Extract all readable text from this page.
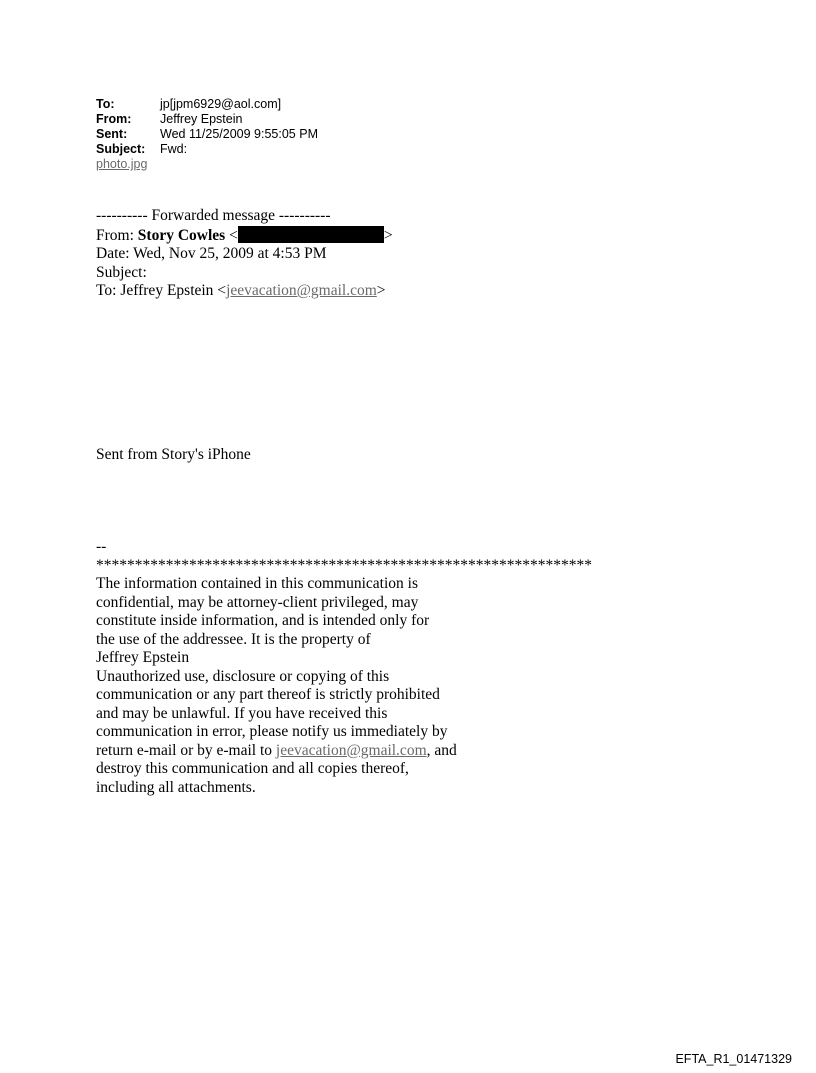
To:	jp[jpm6929@aol.com]
From:	Jeffrey Epstein
Sent:	Wed 11/25/2009 9:55:05 PM
Subject:	Fwd:
photo.jpg
---------- Forwarded message ----------
From: Story Cowles <	>
Date: Wed, Nov 25, 2009 at 4:53 PM
Subject:
To: Jeffrey Epstein <jeevacation@gmail.com>
Sent from Story's iPhone
--
****************************************************************
The information contained in this communication is
confidential, may be attorney-client privileged, may
constitute inside information, and is intended only for
the use of the addressee. It is the property of
Jeffrey Epstein
Unauthorized use, disclosure or copying of this
communication or any part thereof is strictly prohibited
and may be unlawful. If you have received this
communication in error, please notify us immediately by
return e-mail or by e-mail to jeevacation@gmail.com, and
destroy this communication and all copies thereof,
including all attachments.
EFTA_R1_01471329
